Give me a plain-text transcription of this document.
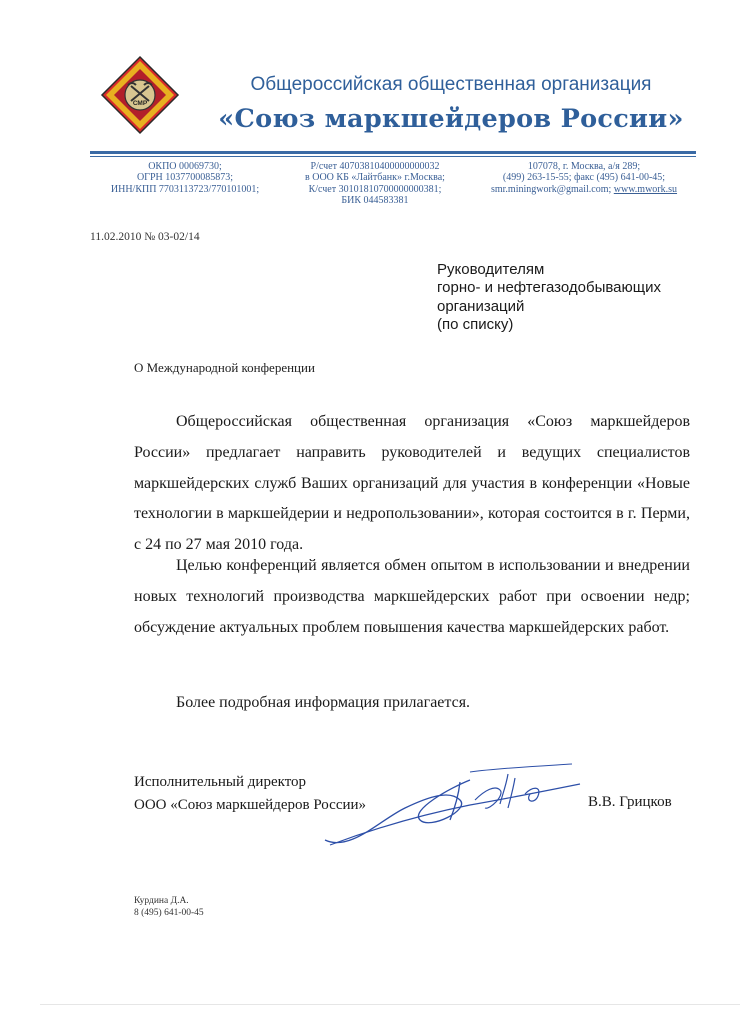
СМР
Общероссийская общественная организация
«Союз маркшейдеров России»
ОКПО 00069730;
ОГРН 1037700085873;
ИНН/КПП 7703113723/770101001;
Р/счет 40703810400000000032
в ООО КБ «Лайтбанк» г.Москва;
К/счет 30101810700000000381;
БИК 044583381
107078, г. Москва, а/я 289;
(499) 263-15-55; факс (495) 641-00-45;
smr.miningwork@gmail.com; www.mwork.su
11.02.2010 № 03-02/14
Руководителям
горно- и нефтегазодобывающих
организаций
(по списку)
О Международной конференции
Общероссийская общественная организация «Союз маркшейдеров России» предлагает направить руководителей и ведущих специалистов маркшейдерских служб Ваших организаций для участия в конференции «Новые технологии в маркшейдерии и недропользовании», которая состоится в г. Перми, с 24 по 27 мая 2010 года.
Целью конференций является обмен опытом в использовании и внедрении новых технологий производства маркшейдерских работ при освоении недр; обсуждение актуальных проблем повышения качества маркшейдерских работ.
Более подробная информация прилагается.
Исполнительный директор
ООО «Союз маркшейдеров России»	В.В. Грицков
Курдина Д.А.
8 (495) 641-00-45
